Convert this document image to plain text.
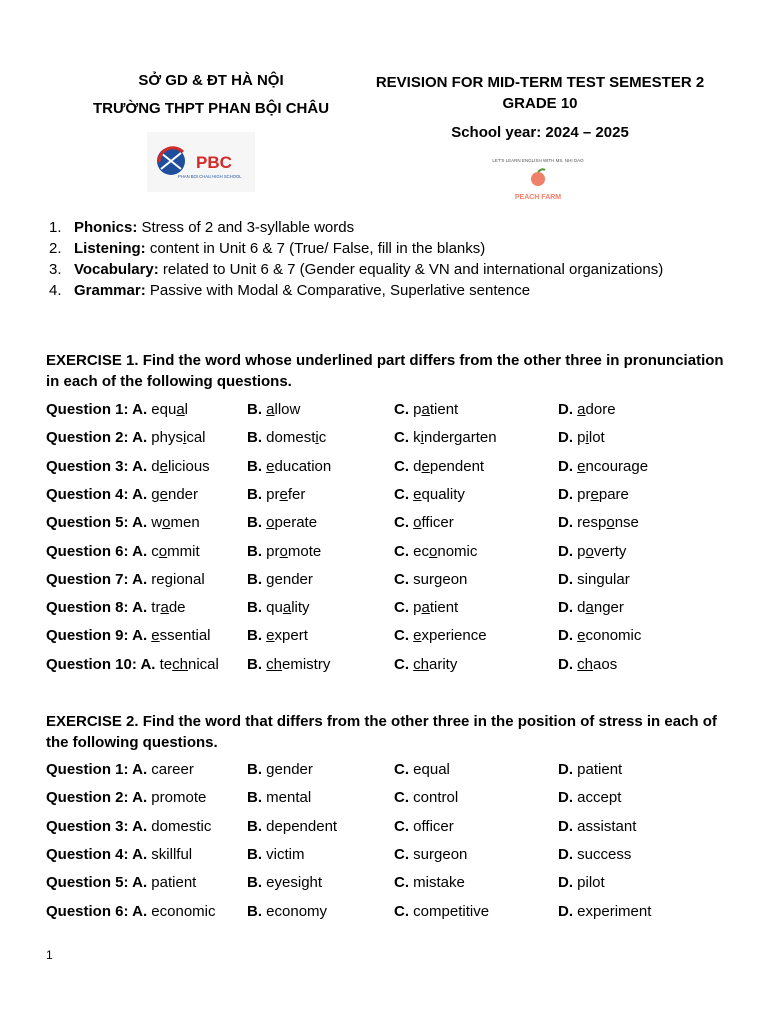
SỞ GD & ĐT HÀ NỘI
TRƯỜNG THPT PHAN BỘI CHÂU
REVISION FOR MID-TERM TEST SEMESTER 2
GRADE 10
School year: 2024 – 2025
PBC
PHAN BOI CHAU HIGH SCHOOL
LET'S LEARN ENGLISH WITH MS. NHI DAO
PEACH FARM
1. Phonics: Stress of 2 and 3-syllable words
2. Listening: content in Unit 6 & 7 (True/ False, fill in the blanks)
3. Vocabulary: related to Unit 6 & 7 (Gender equality & VN and international organizations)
4. Grammar: Passive with Modal & Comparative, Superlative sentence
EXERCISE 1. Find the word whose underlined part differs from the other three in pronunciation in each of the following questions.
Question 1: A. equal	B. allow	C. patient	D. adore
Question 2: A. physical	B. domestic	C. kindergarten	D. pilot
Question 3: A. delicious B. education	C. dependent	D. encourage
Question 4: A. gender	B. prefer	C. equality	D. prepare
Question 5: A. women	B. operate	C. officer	D. response
Question 6: A. commit	B. promote	C. economic	D. poverty
Question 7: A. regional	B. gender	C. surgeon	D. singular
Question 8: A. trade	B. quality	C. patient	D. danger
Question 9: A. essential B. expert	C. experience	D. economic
Question 10: A. technical B. chemistry	C. charity	D. chaos
EXERCISE 2. Find the word that differs from the other three in the position of stress in each of the following questions.
Question 1: A. career	B. gender	C. equal	D. patient
Question 2: A. promote	B. mental	C. control	D. accept
Question 3: A. domestic B. dependent	C. officer	D. assistant
Question 4: A. skillful	B. victim	C. surgeon	D. success
Question 5: A. patient	B. eyesight	C. mistake	D. pilot
Question 6: A. economic B. economy	C. competitive	D. experiment
1
